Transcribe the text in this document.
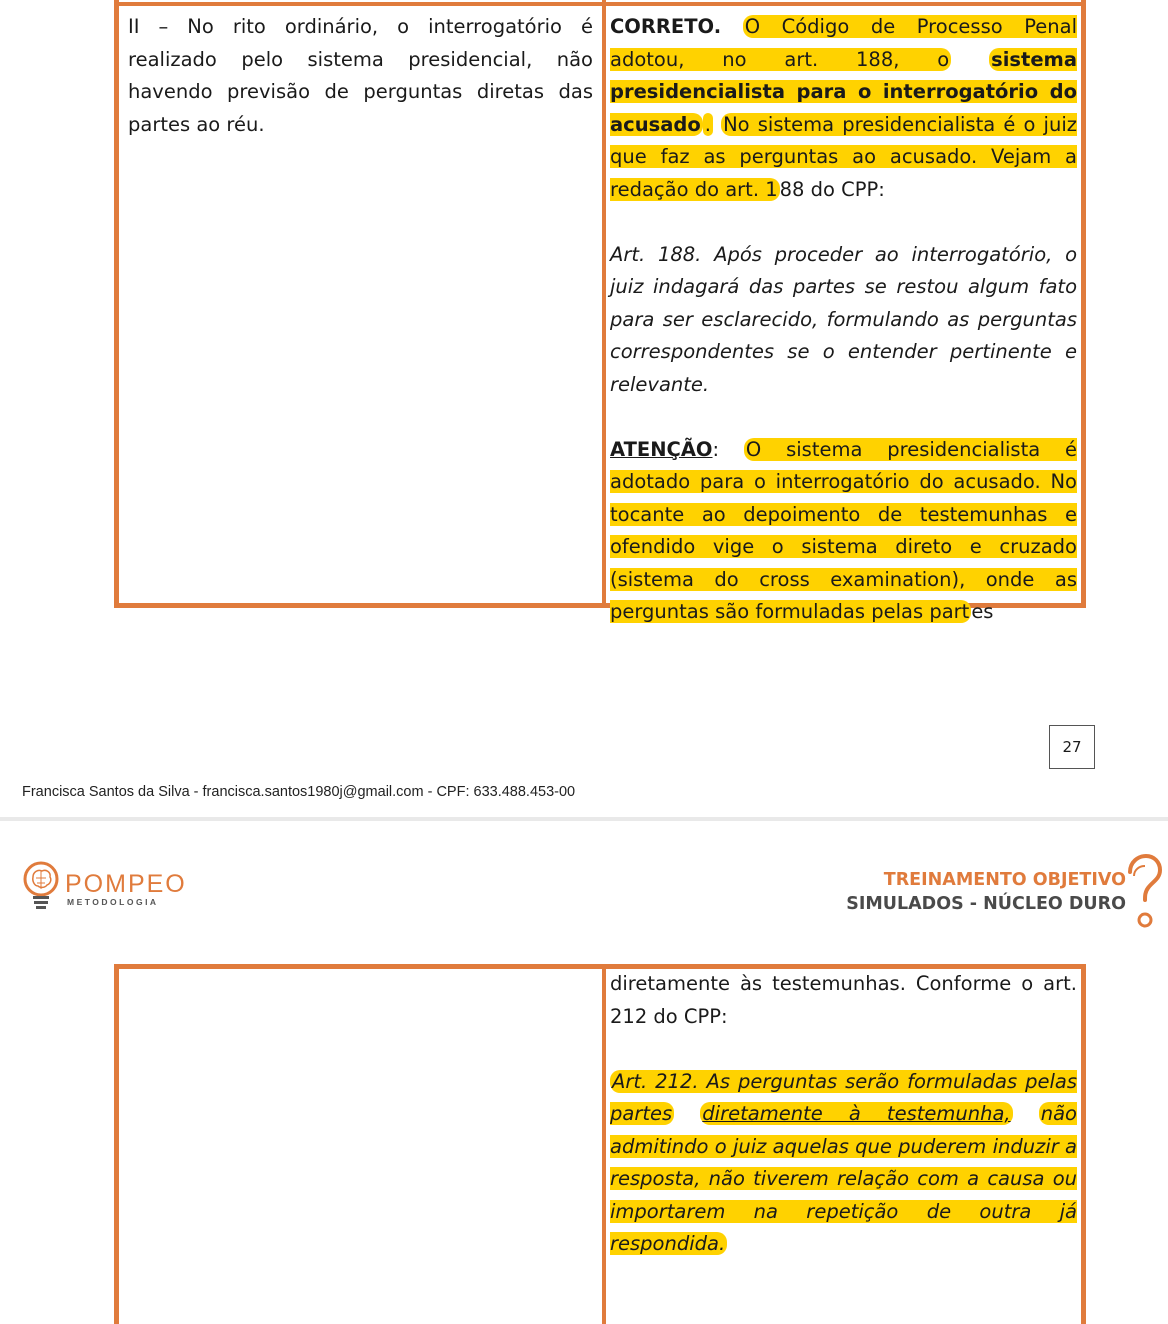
II – No rito ordinário, o interrogatório é realizado pelo sistema presidencial, não havendo previsão de perguntas diretas das partes ao réu.
CORRETO. O Código de Processo Penal adotou, no art. 188, o sistema presidencialista para o interrogatório do acusado . No sistema presidencialista é o juiz que faz as perguntas ao acusado. Vejam a redação do art. 1 88 do CPP:
Art. 188. Após proceder ao interrogatório, o juiz indagará das partes se restou algum fato para ser esclarecido, formulando as perguntas correspondentes se o entender pertinente e relevante.
ATENÇÃO: O sistema presidencialista é adotado para o interrogatório do acusado. No tocante ao depoimento de testemunhas e ofendido vige o sistema direto e cruzado (sistema do cross examination), onde as perguntas são formuladas pelas part es
27
Francisca Santos da Silva - francisca.santos1980j@gmail.com - CPF: 633.488.453-00
POMPEO
METODOLOGIA
TREINAMENTO OBJETIVO
SIMULADOS - NÚCLEO DURO
diretamente às testemunhas. Conforme o art. 212 do CPP:
Art. 212. As perguntas serão formuladas pelas partes diretamente à testemunha, não admitindo o juiz aquelas que puderem induzir a resposta, não tiverem relação com a causa ou importarem na repetição de outra já respondida.
